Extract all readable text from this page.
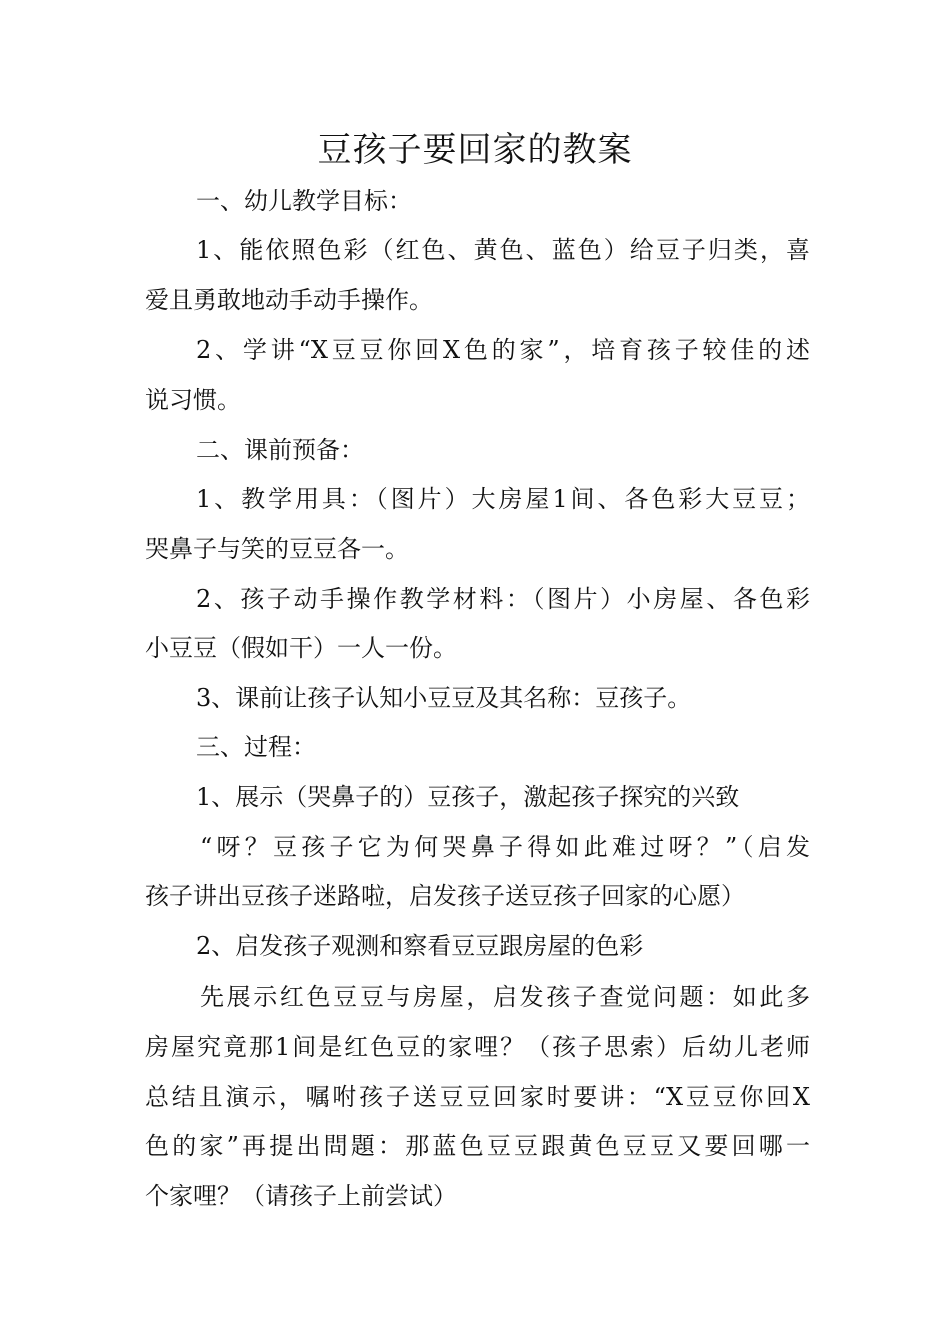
豆孩子要回家的教案
一、幼儿教学目标：
1、能依照色彩（红色、黄色、蓝色）给豆子归类，喜
爱且勇敢地动手动手操作。
2、学讲“X豆豆你回X色的家”，培育孩子较佳的述
说习惯。
二、课前预备：
1、教学用具：（图片）大房屋1间、各色彩大豆豆；
哭鼻子与笑的豆豆各一。
2、孩子动手操作教学材料：（图片）小房屋、各色彩
小豆豆（假如干）一人一份。
3、课前让孩子认知小豆豆及其名称：豆孩子。
三、过程：
1、展示（哭鼻子的）豆孩子，激起孩子探究的兴致
“呀？豆孩子它为何哭鼻子得如此难过呀？”（启发
孩子讲出豆孩子迷路啦，启发孩子送豆孩子回家的心愿）
2、启发孩子观测和察看豆豆跟房屋的色彩
先展示红色豆豆与房屋，启发孩子查觉问题：如此多
房屋究竟那1间是红色豆的家哩？（孩子思索）后幼儿老师
总结且演示，嘱咐孩子送豆豆回家时要讲：“X豆豆你回X
色的家”再提出問題：那蓝色豆豆跟黄色豆豆又要回哪一
个家哩？（请孩子上前尝试）
